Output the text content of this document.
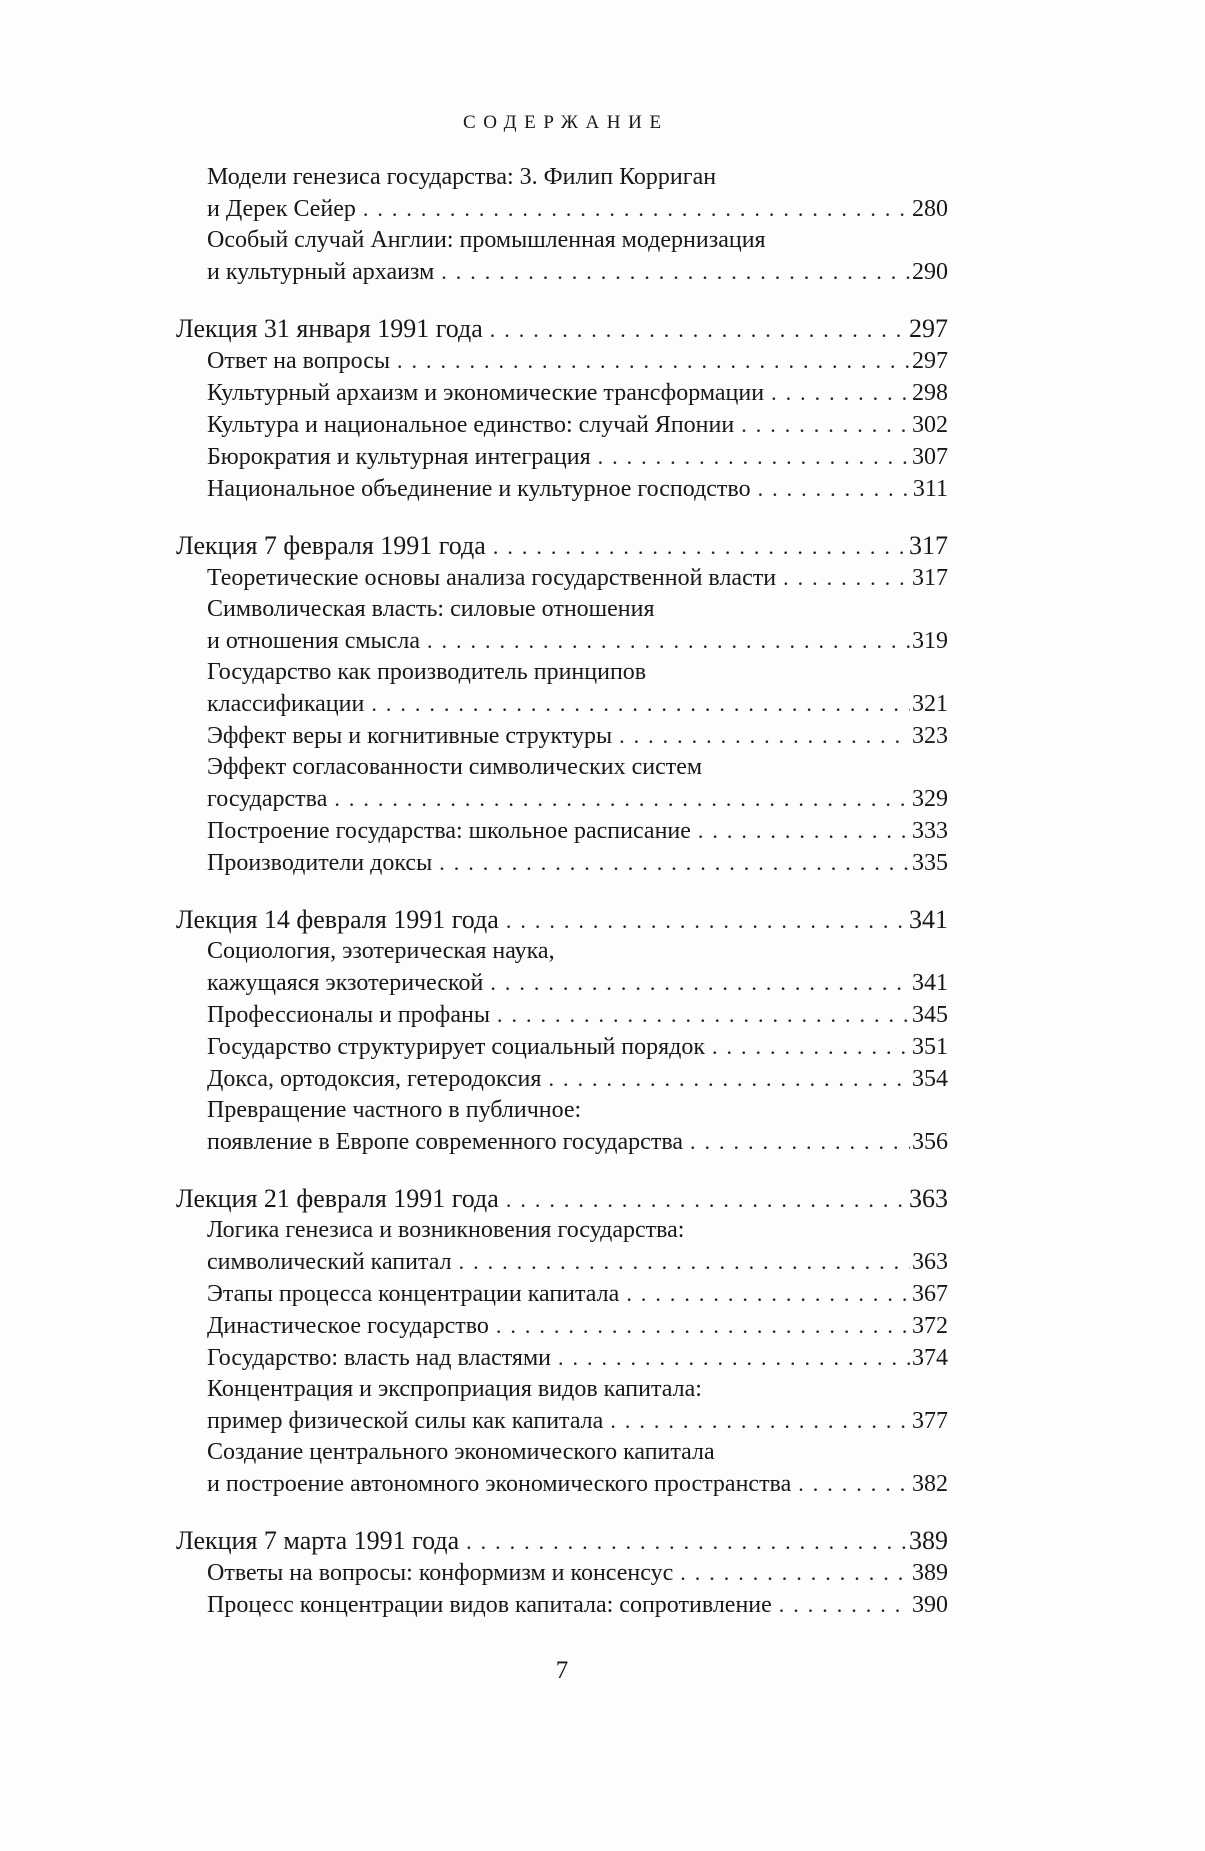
СОДЕРЖАНИЕ
Модели генезиса государства: 3. Филип Корриган
и Дерек Сейер .....	280
Особый случай Англии: промышленная модернизация
и культурный архаизм .....	290
Лекция 31 января 1991 года .....	297
Ответ на вопросы .....	297
Культурный архаизм и экономические трансформации .....	298
Культура и национальное единство: случай Японии .....	302
Бюрократия и культурная интеграция .....	307
Национальное объединение и культурное господство .....	311
Лекция 7 февраля 1991 года .....	317
Теоретические основы анализа государственной власти .....	317
Символическая власть: силовые отношения
и отношения смысла .....	319
Государство как производитель принципов
классификации .....	321
Эффект веры и когнитивные структуры .....	323
Эффект согласованности символических систем
государства .....	329
Построение государства: школьное расписание .....	333
Производители доксы .....	335
Лекция 14 февраля 1991 года .....	341
Социология, эзотерическая наука,
кажущаяся экзотерической .....	341
Профессионалы и профаны .....	345
Государство структурирует социальный порядок .....	351
Докса, ортодоксия, гетеродоксия .....	354
Превращение частного в публичное:
появление в Европе современного государства .....	356
Лекция 21 февраля 1991 года .....	363
Логика генезиса и возникновения государства:
символический капитал .....	363
Этапы процесса концентрации капитала .....	367
Династическое государство .....	372
Государство: власть над властями .....	374
Концентрация и экспроприация видов капитала:
пример физической силы как капитала .....	377
Создание центрального экономического капитала
и построение автономного экономического пространства .....	382
Лекция 7 марта 1991 года .....	389
Ответы на вопросы: конформизм и консенсус .....	389
Процесс концентрации видов капитала: сопротивление .....	390
7
